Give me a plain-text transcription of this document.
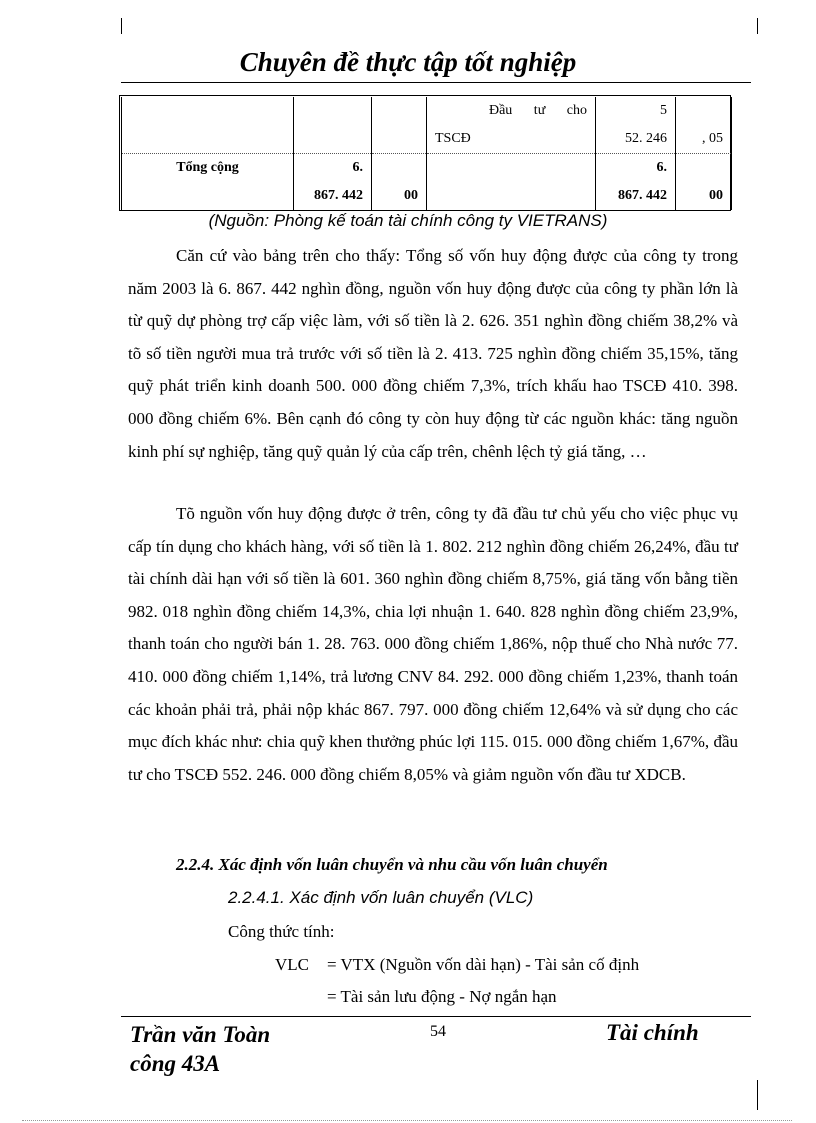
Chuyên đề thực tập tốt nghiệp
			Đầu tư cho	5	
			TSCĐ	52. 246	, 05
Tổng cộng	6.			6.	
	867. 442	00		867. 442	00
(Nguồn: Phòng kế toán tài chính công ty VIETRANS)

Căn cứ vào bảng trên cho thấy: Tổng số vốn huy động được của công ty trong năm 2003 là 6. 867. 442 nghìn đồng, nguồn vốn huy động được của công ty phần lớn là từ quỹ dự phòng trợ cấp việc làm, với số tiền là 2. 626. 351 nghìn đồng chiếm 38,2% và tõ số tiền người mua trả trước với số tiền là 2. 413. 725 nghìn đồng chiếm 35,15%, tăng quỹ phát triển kinh doanh 500. 000 đồng chiếm 7,3%, trích khấu hao TSCĐ 410. 398. 000 đồng chiếm 6%. Bên cạnh đó công ty còn huy động từ các nguồn khác: tăng nguồn kinh phí sự nghiệp, tăng quỹ quản lý của cấp trên, chênh lệch tỷ giá tăng, …

Tõ nguồn vốn huy động được ở trên, công ty đã đầu tư chủ yếu cho việc phục vụ cấp tín dụng cho khách hàng, với số tiền là 1. 802. 212 nghìn đồng chiếm 26,24%, đầu tư tài chính dài hạn với số tiền là 601. 360 nghìn đồng chiếm 8,75%, giá tăng vốn bằng tiền 982. 018 nghìn đồng chiếm 14,3%, chia lợi nhuận 1. 640. 828 nghìn đồng chiếm 23,9%, thanh toán cho người bán 1. 28. 763. 000 đồng chiếm 1,86%, nộp thuế cho Nhà nước 77. 410. 000 đồng chiếm 1,14%, trả lương CNV 84. 292. 000 đồng chiếm 1,23%, thanh toán các khoản phải trả, phải nộp khác 867. 797. 000 đồng chiếm 12,64% và sử dụng cho các mục đích khác như: chia quỹ khen thưởng phúc lợi 115. 015. 000 đồng chiếm 1,67%, đầu tư cho TSCĐ 552. 246. 000 đồng chiếm 8,05% và giảm nguồn vốn đầu tư XDCB.

2.2.4. Xác định vốn luân chuyển và nhu cầu vốn luân chuyển
2.2.4.1. Xác định vốn luân chuyển (VLC)
Công thức tính:
VLC = VTX (Nguồn vốn dài hạn) - Tài sản cố định
= Tài sản lưu động - Nợ ngắn hạn
Trần văn Toàn
công 43A
54	Tài chính
